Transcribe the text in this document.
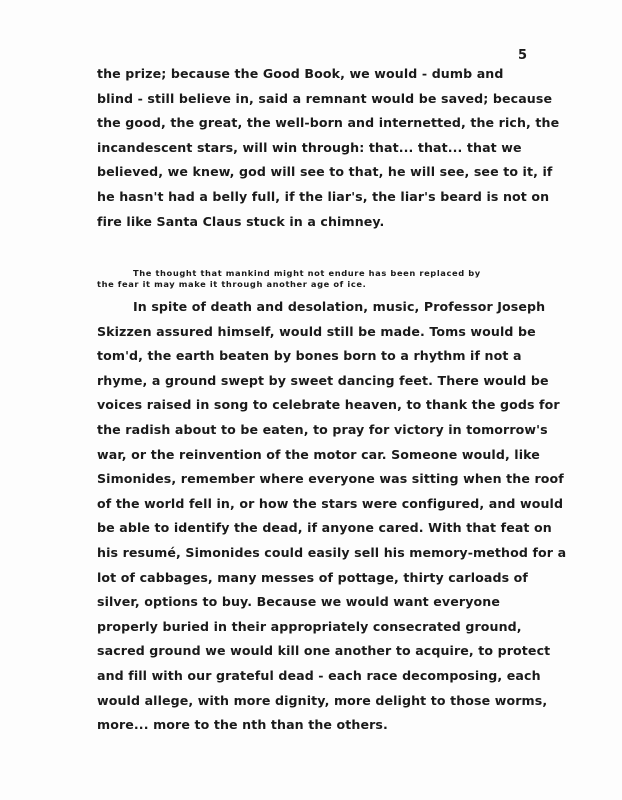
5
the prize; because the Good Book, we would - dumb and
blind - still believe in, said a remnant would be saved; because
the good, the great, the well-born and internetted, the rich, the
incandescent stars, will win through: that... that... that we
believed, we knew, god will see to that, he will see, see to it, if
he hasn't had a belly full, if the liar's, the liar's beard is not on
fire like Santa Claus stuck in a chimney.
The thought that mankind might not endure has been replaced by
the fear it may make it through another age of ice.
In spite of death and desolation, music, Professor Joseph
Skizzen assured himself, would still be made. Toms would be
tom'd, the earth beaten by bones born to a rhythm if not a
rhyme, a ground swept by sweet dancing feet. There would be
voices raised in song to celebrate heaven, to thank the gods for
the radish about to be eaten, to pray for victory in tomorrow's
war, or the reinvention of the motor car. Someone would, like
Simonides, remember where everyone was sitting when the roof
of the world fell in, or how the stars were configured, and would
be able to identify the dead, if anyone cared. With that feat on
his resumé, Simonides could easily sell his memory-method for a
lot of cabbages, many messes of pottage, thirty carloads of
silver, options to buy. Because we would want everyone
properly buried in their appropriately consecrated ground,
sacred ground we would kill one another to acquire, to protect
and fill with our grateful dead - each race decomposing, each
would allege, with more dignity, more delight to those worms,
more... more to the nth than the others.
